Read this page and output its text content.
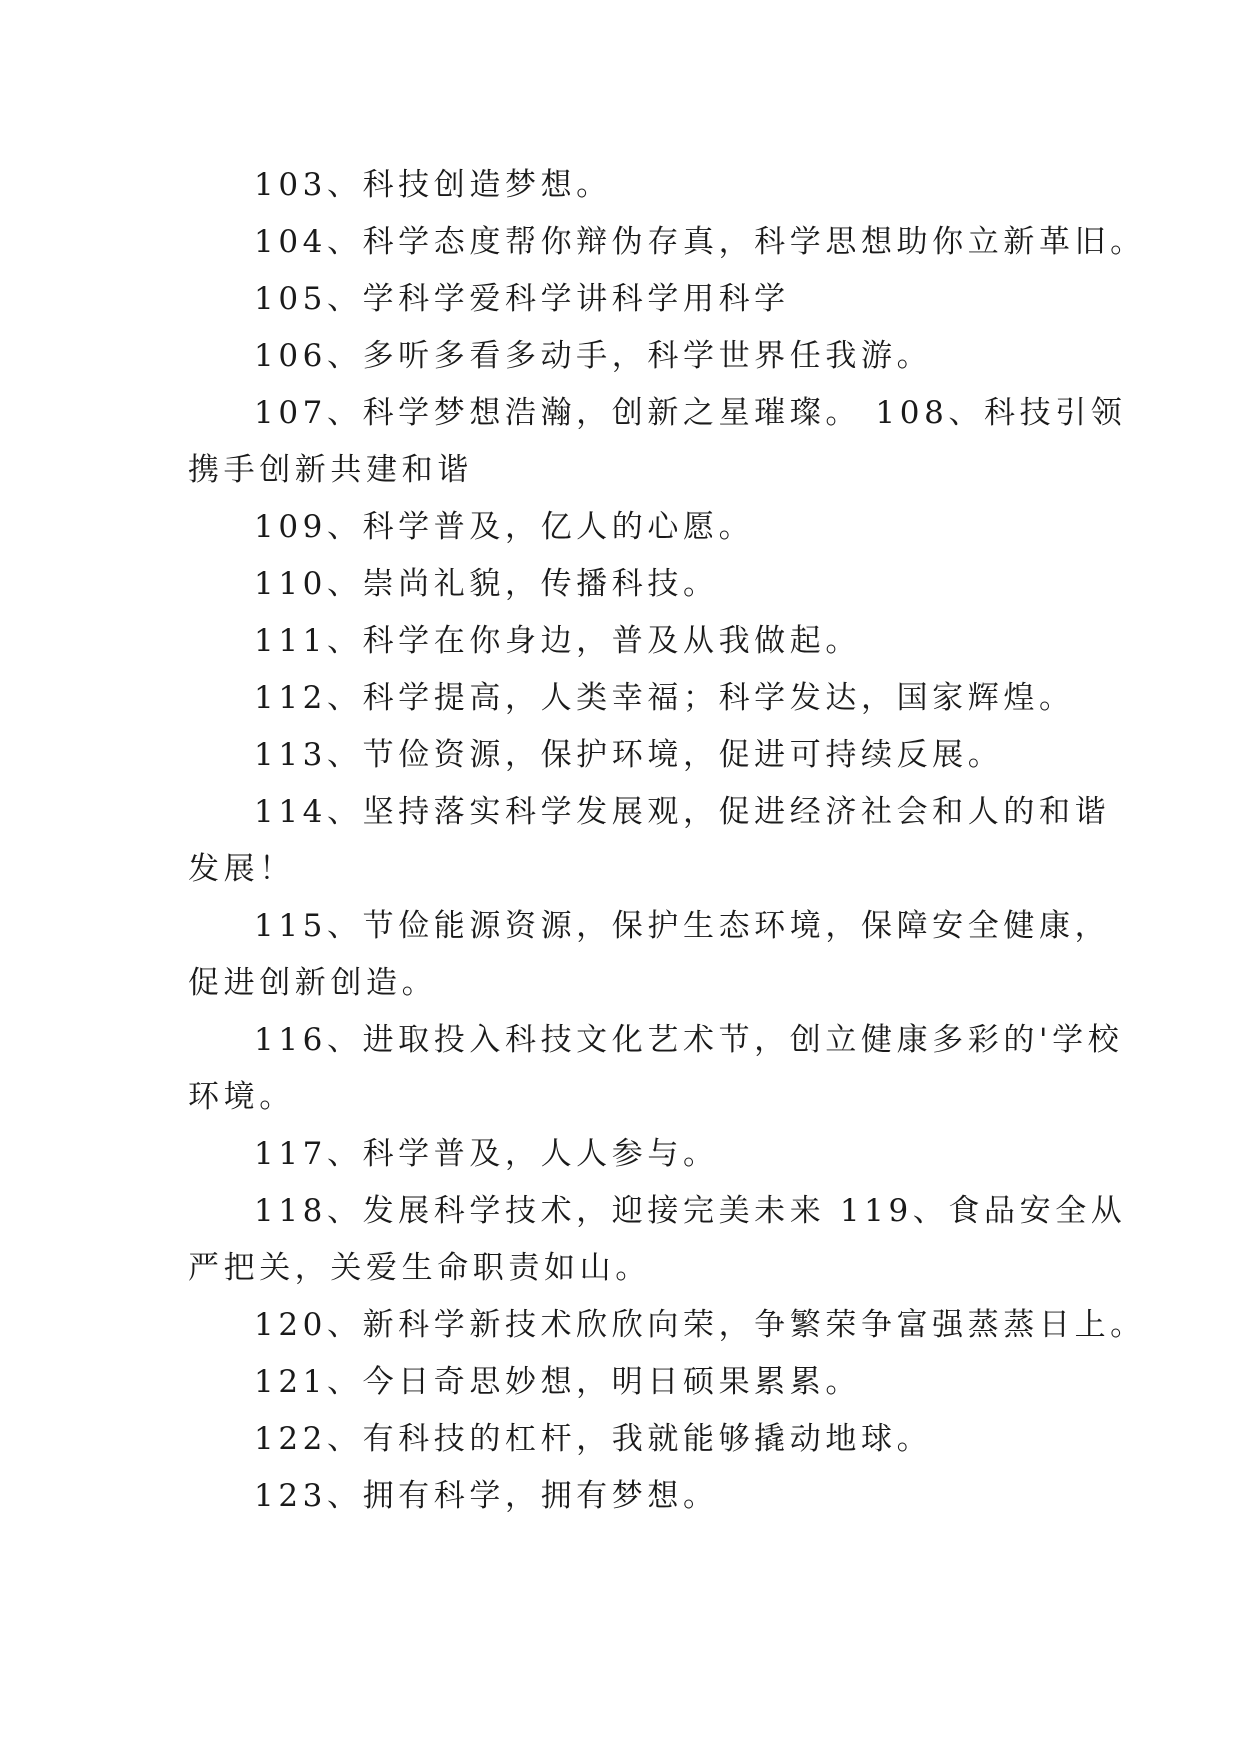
103、科技创造梦想。
104、科学态度帮你辩伪存真，科学思想助你立新革旧。
105、学科学爱科学讲科学用科学
106、多听多看多动手，科学世界任我游。
107、科学梦想浩瀚，创新之星璀璨。 108、科技引领
携手创新共建和谐
109、科学普及，亿人的心愿。
110、崇尚礼貌，传播科技。
111、科学在你身边，普及从我做起。
112、科学提高，人类幸福；科学发达，国家辉煌。
113、节俭资源，保护环境，促进可持续反展。
114、坚持落实科学发展观，促进经济社会和人的和谐
发展！
115、节俭能源资源，保护生态环境，保障安全健康，
促进创新创造。
116、进取投入科技文化艺术节，创立健康多彩的'学校
环境。
117、科学普及，人人参与。
118、发展科学技术，迎接完美未来 119、食品安全从
严把关，关爱生命职责如山。
120、新科学新技术欣欣向荣，争繁荣争富强蒸蒸日上。
121、今日奇思妙想，明日硕果累累。
122、有科技的杠杆，我就能够撬动地球。
123、拥有科学，拥有梦想。
